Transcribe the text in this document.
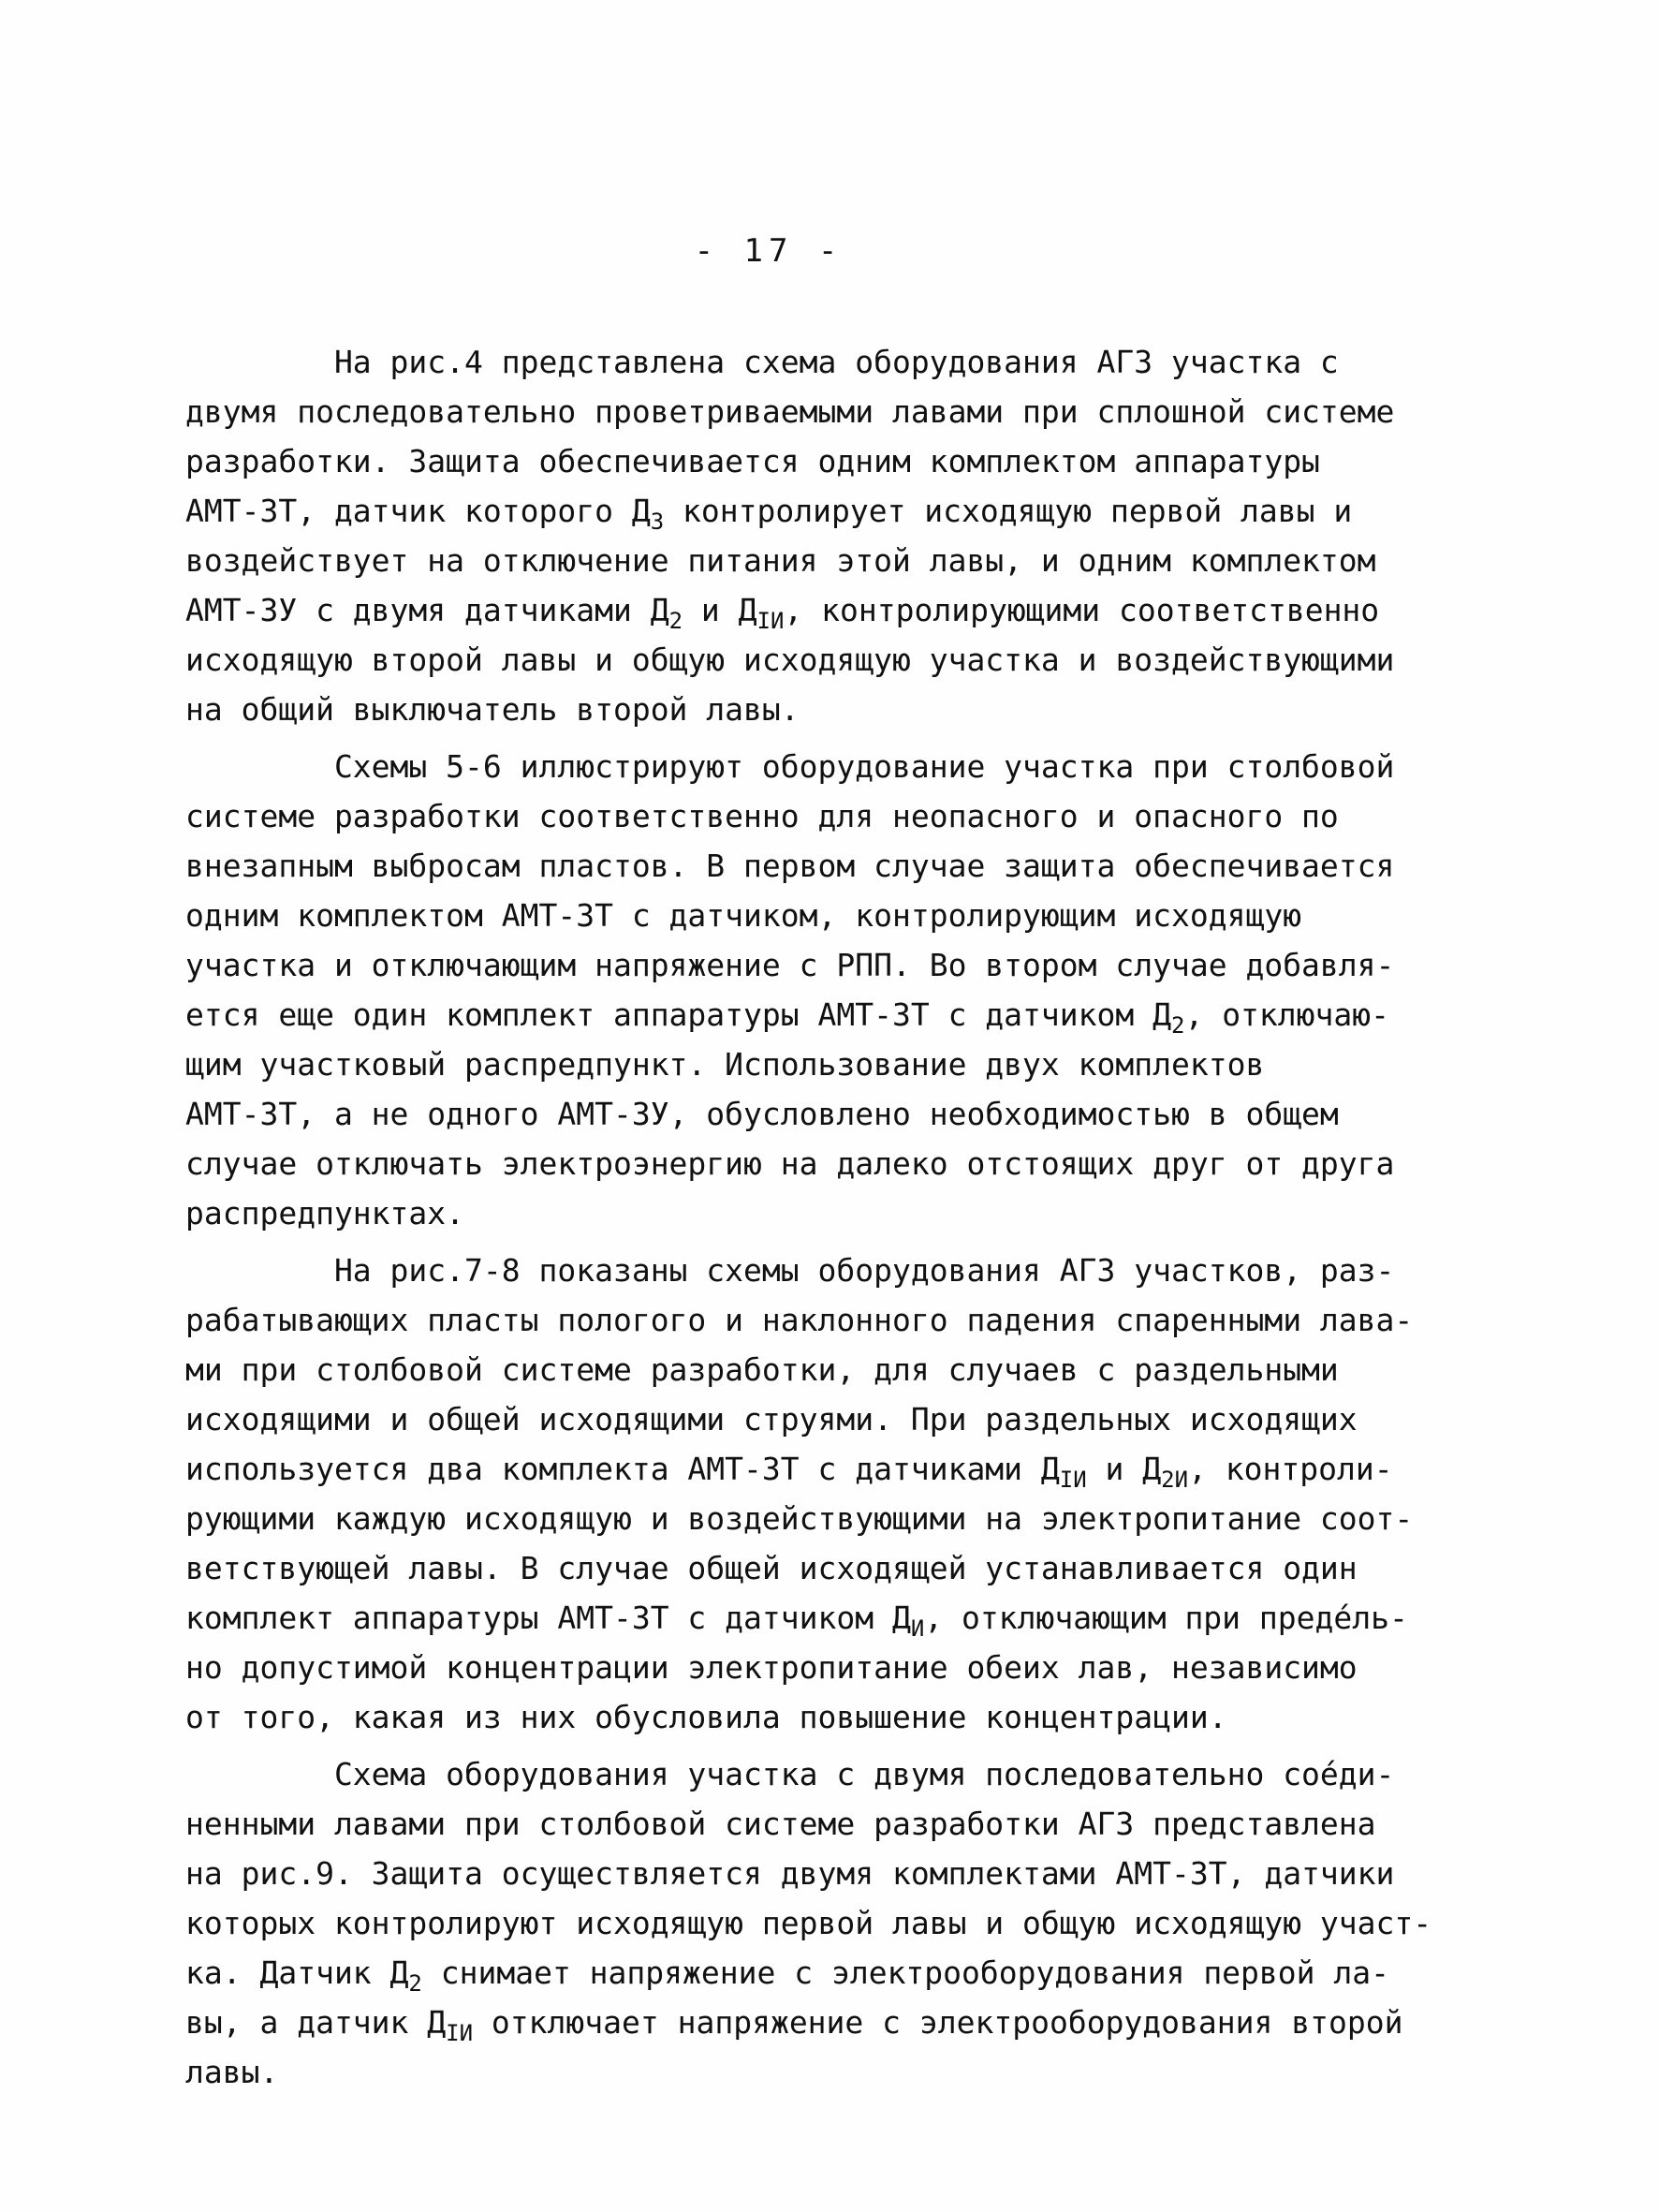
- 17 -
На рис.4 представлена схема оборудования АГЗ участка с
двумя последовательно проветриваемыми лавами при сплошной системе
разработки. Защита обеспечивается одним комплектом аппаратуры
АМТ-3Т, датчик которого $Д_3$ контролирует исходящую первой лавы и
воздействует на отключение питания этой лавы, и одним комплектом
АМТ-3У с двумя датчиками $Д_2$ и $Д_{ІИ}$, контролирующими соответственно
исходящую второй лавы и общую исходящую участка и воздействующими
на общий выключатель второй лавы.
Схемы 5-6 иллюстрируют оборудование участка при столбовой
системе разработки соответственно для неопасного и опасного по
внезапным выбросам пластов. В первом случае защита обеспечивается
одним комплектом АМТ-3Т с датчиком, контролирующим исходящую
участка и отключающим напряжение с РПП. Во втором случае добавля-
ется еще один комплект аппаратуры АМТ-3Т с датчиком $Д_2$, отключаю-
щим участковый распредпункт. Использование двух комплектов
АМТ-3Т, а не одного АМТ-3У, обусловлено необходимостью в общем
случае отключать электроэнергию на далеко отстоящих друг от друга
распредпунктах.
На рис.7-8 показаны схемы оборудования АГЗ участков, раз-
рабатывающих пласты пологого и наклонного падения спаренными лава-
ми при столбовой системе разработки, для случаев с раздельными
исходящими и общей исходящими струями. При раздельных исходящих
используется два комплекта АМТ-3Т с датчиками $Д_{ІИ}$ и $Д_{2И}$, контроли-
рующими каждую исходящую и воздействующими на электропитание соот-
ветствующей лавы. В случае общей исходящей устанавливается один
комплект аппаратуры АМТ-3Т с датчиком $Д_И$, отключающим при преде́ль-
но допустимой концентрации электропитание обеих лав, независимо
от того, какая из них обусловила повышение концентрации.
Схема оборудования участка с двумя последовательно сое́ди-
ненными лавами при столбовой системе разработки АГЗ представлена
на рис.9. Защита осуществляется двумя комплектами АМТ-3Т, датчики
которых контролируют исходящую первой лавы и общую исходящую участ-
ка. Датчик $Д_2$ снимает напряжение с электрооборудования первой ла-
вы, а датчик $Д_{ІИ}$ отключает напряжение с электрооборудования второй
лавы.
